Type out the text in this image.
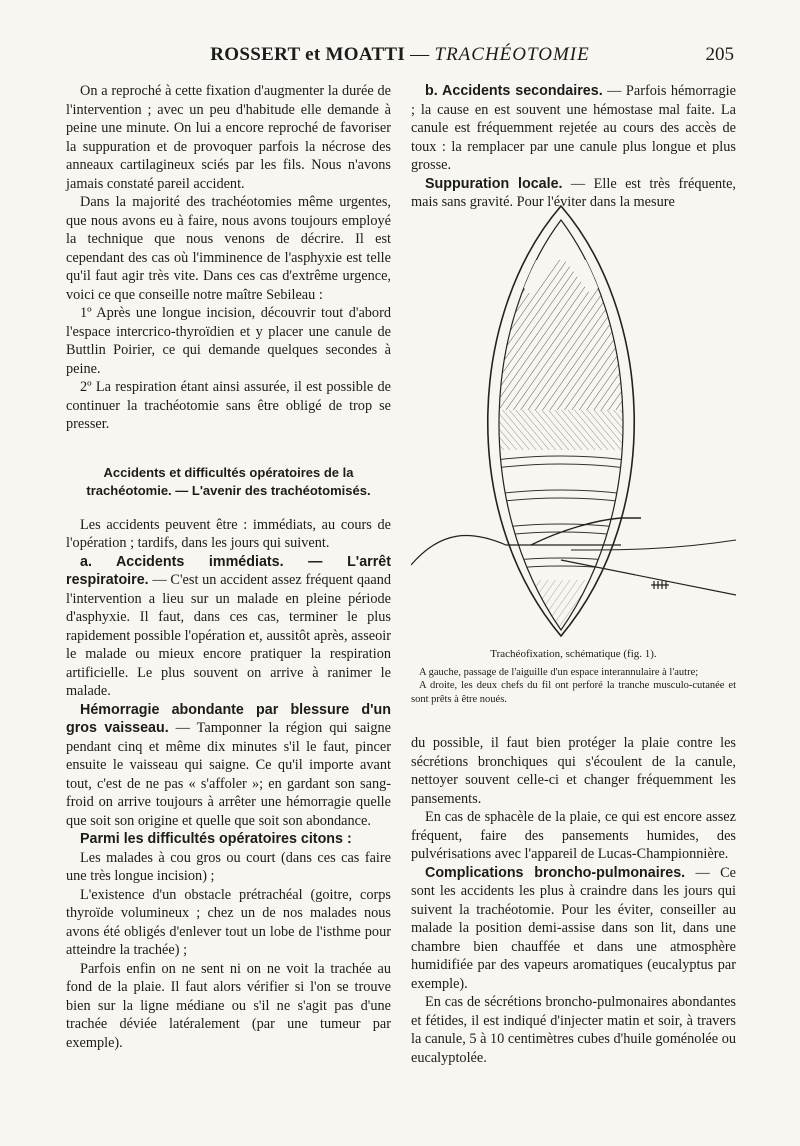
ROSSERT et MOATTI — TRACHÉOTOMIE	205

On a reproché à cette fixation d'augmenter la durée de l'intervention ; avec un peu d'habitude elle demande à peine une minute. On lui a encore reproché de favoriser la suppuration et de provoquer parfois la nécrose des anneaux cartilagineux sciés par les fils. Nous n'avons jamais constaté pareil accident.

Dans la majorité des trachéotomies même urgentes, que nous avons eu à faire, nous avons toujours employé la technique que nous venons de décrire. Il est cependant des cas où l'imminence de l'asphyxie est telle qu'il faut agir très vite. Dans ces cas d'extrême urgence, voici ce que conseille notre maître Sebileau :

1º Après une longue incision, découvrir tout d'abord l'espace intercrico-thyroïdien et y placer une canule de Buttlin Poirier, ce qui demande quelques secondes à peine.

2º La respiration étant ainsi assurée, il est possible de continuer la trachéotomie sans être obligé de trop se presser.

Accidents et difficultés opératoires de la trachéotomie. — L'avenir des trachéotomisés.

Les accidents peuvent être : immédiats, au cours de l'opération ; tardifs, dans les jours qui suivent.

a. Accidents immédiats. — L'arrêt respiratoire. — C'est un accident assez fréquent qaand l'intervention a lieu sur un malade en pleine période d'asphyxie. Il faut, dans ces cas, terminer le plus rapidement possible l'opération et, aussitôt après, asseoir le malade ou mieux encore pratiquer la respiration artificielle. Le plus souvent on arrive à ranimer le malade.

Hémorragie abondante par blessure d'un gros vaisseau. — Tamponner la région qui saigne pendant cinq et même dix minutes s'il le faut, pincer ensuite le vaisseau qui saigne. Ce qu'il importe avant tout, c'est de ne pas « s'affoler »; en gardant son sang-froid on arrive toujours à arrêter une hémorragie quelle que soit son origine et quelle que soit son abondance.

Parmi les difficultés opératoires citons :

Les malades à cou gros ou court (dans ces cas faire une très longue incision) ;

L'existence d'un obstacle prétrachéal (goitre, corps thyroïde volumineux ; chez un de nos malades nous avons été obligés d'enlever tout un lobe de l'isthme pour atteindre la trachée) ;

Parfois enfin on ne sent ni on ne voit la trachée au fond de la plaie. Il faut alors vérifier si l'on se trouve bien sur la ligne médiane ou s'il ne s'agit pas d'une trachée déviée latéralement (par une tumeur par exemple).

b. Accidents secondaires. — Parfois hémorragie ; la cause en est souvent une hémostase mal faite. La canule est fréquemment rejetée au cours des accès de toux : la remplacer par une canule plus longue et plus grosse.

Suppuration locale. — Elle est très fréquente, mais sans gravité. Pour l'éviter dans la mesure

Trachéofixation, schématique (fig. 1).

A gauche, passage de l'aiguille d'un espace interannulaire à l'autre;

A droite, les deux chefs du fil ont perforé la tranche musculo-cutanée et sont prêts à être noués.

du possible, il faut bien protéger la plaie contre les sécrétions bronchiques qui s'écoulent de la canule, nettoyer souvent celle-ci et changer fréquemment les pansements.

En cas de sphacèle de la plaie, ce qui est encore assez fréquent, faire des pansements humides, des pulvérisations avec l'appareil de Lucas-Championnière.

Complications broncho-pulmonaires. — Ce sont les accidents les plus à craindre dans les jours qui suivent la trachéotomie. Pour les éviter, conseiller au malade la position demi-assise dans son lit, dans une chambre bien chauffée et dans une atmosphère humidifiée par des vapeurs aromatiques (eucalyptus par exemple).

En cas de sécrétions broncho-pulmonaires abondantes et fétides, il est indiqué d'injecter matin et soir, à travers la canule, 5 à 10 centimètres cubes d'huile goménolée ou eucalyptolée.
